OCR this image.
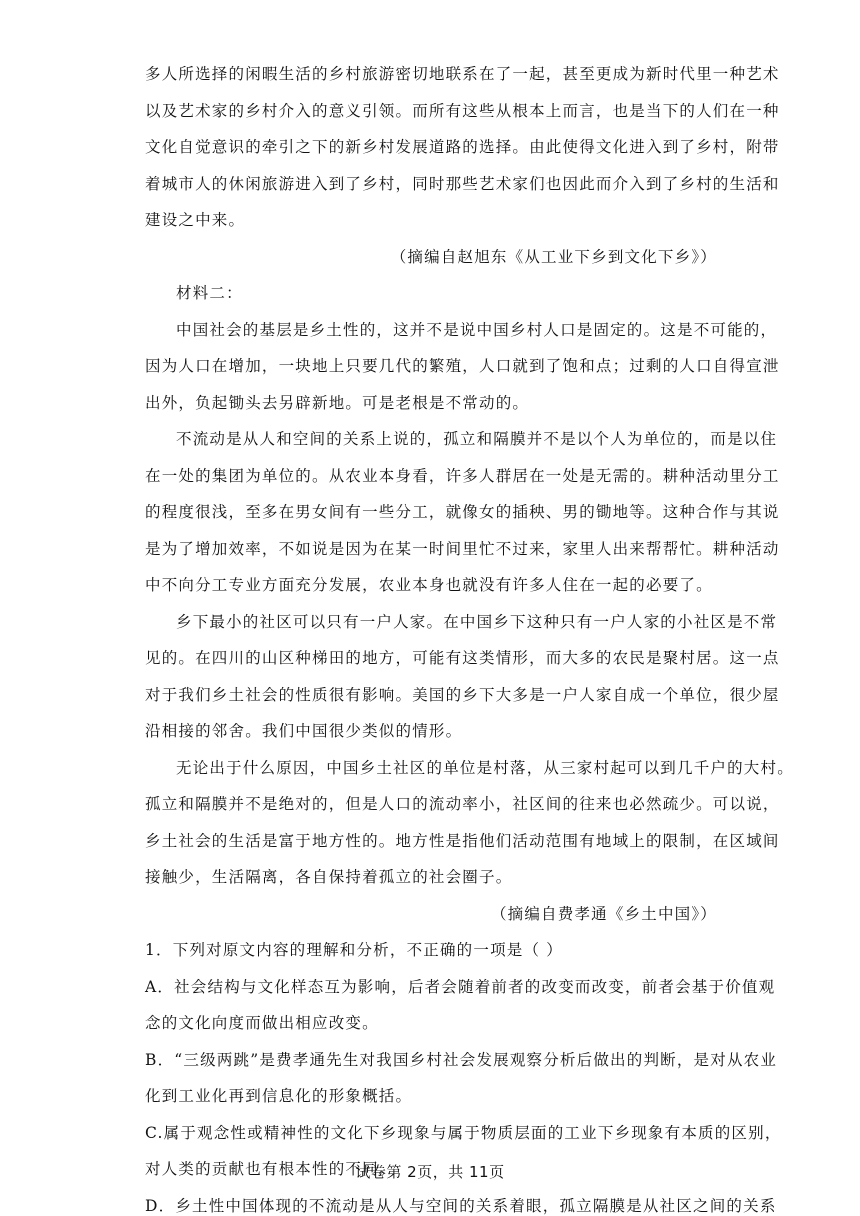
多人所选择的闲暇生活的乡村旅游密切地联系在了一起，甚至更成为新时代里一种艺术
以及艺术家的乡村介入的意义引领。而所有这些从根本上而言，也是当下的人们在一种
文化自觉意识的牵引之下的新乡村发展道路的选择。由此使得文化进入到了乡村，附带
着城市人的休闲旅游进入到了乡村，同时那些艺术家们也因此而介入到了乡村的生活和
建设之中来。
（摘编自赵旭东《从工业下乡到文化下乡》）
材料二：
中国社会的基层是乡土性的，这并不是说中国乡村人口是固定的。这是不可能的，
因为人口在增加，一块地上只要几代的繁殖，人口就到了饱和点；过剩的人口自得宣泄
出外，负起锄头去另辟新地。可是老根是不常动的。
不流动是从人和空间的关系上说的，孤立和隔膜并不是以个人为单位的，而是以住
在一处的集团为单位的。从农业本身看，许多人群居在一处是无需的。耕种活动里分工
的程度很浅，至多在男女间有一些分工，就像女的插秧、男的锄地等。这种合作与其说
是为了增加效率，不如说是因为在某一时间里忙不过来，家里人出来帮帮忙。耕种活动
中不向分工专业方面充分发展，农业本身也就没有许多人住在一起的必要了。
乡下最小的社区可以只有一户人家。在中国乡下这种只有一户人家的小社区是不常
见的。在四川的山区种梯田的地方，可能有这类情形，而大多的农民是聚村居。这一点
对于我们乡土社会的性质很有影响。美国的乡下大多是一户人家自成一个单位，很少屋
沿相接的邻舍。我们中国很少类似的情形。
无论出于什么原因，中国乡土社区的单位是村落，从三家村起可以到几千户的大村。
孤立和隔膜并不是绝对的，但是人口的流动率小，社区间的往来也必然疏少。可以说，
乡土社会的生活是富于地方性的。地方性是指他们活动范围有地域上的限制，在区域间
接触少，生活隔离，各自保持着孤立的社会圈子。
（摘编自费孝通《乡土中国》）
1．下列对原文内容的理解和分析，不正确的一项是（ ）
A．社会结构与文化样态互为影响，后者会随着前者的改变而改变，前者会基于价值观
念的文化向度而做出相应改变。
B．“三级两跳”是费孝通先生对我国乡村社会发展观察分析后做出的判断，是对从农业
化到工业化再到信息化的形象概括。
C.属于观念性或精神性的文化下乡现象与属于物质层面的工业下乡现象有本质的区别，
对人类的贡献也有根本性的不同。
D．乡土性中国体现的不流动是从人与空间的关系着眼，孤立隔膜是从社区之间的关系
试卷第 2页，共 11页
